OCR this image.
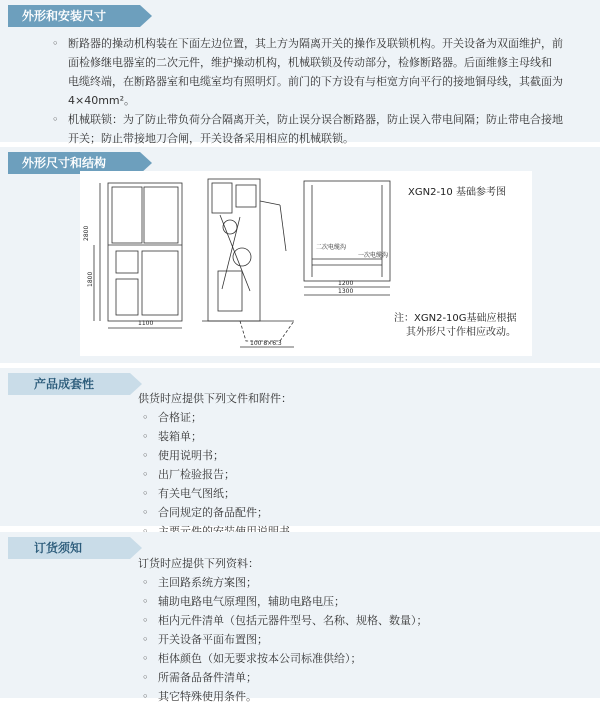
外形和安装尺寸
◦ 断路器的操动机构装在下面左边位置，其上方为隔离开关的操作及联锁机构。开关设备为双面维护，前
面检修继电器室的二次元件，维护操动机构，机械联锁及传动部分，检修断路器。后面维修主母线和
电缆终端，在断路器室和电缆室均有照明灯。前门的下方设有与柜宽方向平行的接地铜母线，其截面为
4×40mm²。
◦ 机械联锁：为了防止带负荷分合隔离开关，防止误分误合断路器，防止误入带电间隔；防止带电合接地
开关；防止带接地刀合闸，开关设备采用相应的机械联锁。
外形尺寸和结构
2800
1800
1100
100 8×6.3
1200
1300
二次电缆沟
一次电缆沟
XGN2-10 基础参考图
注：XGN2-10G基础应根据
其外形尺寸作相应改动。
产品成套性
供货时应提供下列文件和附件：
◦ 合格证；
◦ 装箱单；
◦ 使用说明书；
◦ 出厂检验报告；
◦ 有关电气图纸；
◦ 合同规定的备品配件；
◦
订货须知
订货时应提供下列资料：
◦ 主回路系统方案图；
◦ 辅助电路电气原理图，辅助电路电压；
◦ 柜内元件清单（包括元器件型号、名称、规格、数量）；
◦ 开关设备平面布置图；
◦ 柜体颜色（如无要求按本公司标准供给）；
◦ 所需备品备件清单；
◦ 其它特殊使用条件。
